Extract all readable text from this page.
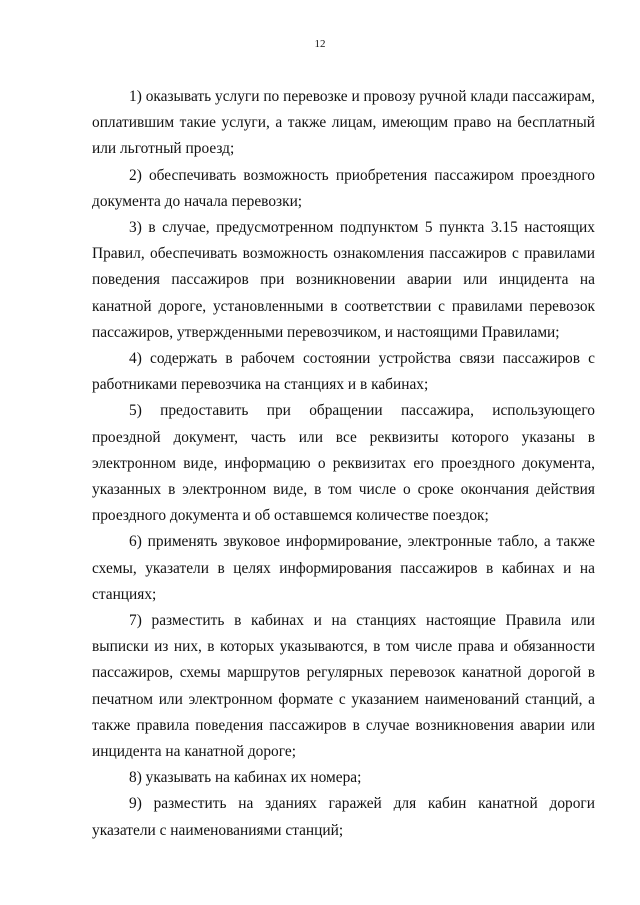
12

1) оказывать услуги по перевозке и провозу ручной клади пассажирам, оплатившим такие услуги, а также лицам, имеющим право на бесплатный или льготный проезд;

2) обеспечивать возможность приобретения пассажиром проездного документа до начала перевозки;

3) в случае, предусмотренном подпунктом 5 пункта 3.15 настоящих Правил, обеспечивать возможность ознакомления пассажиров с правилами поведения пассажиров при возникновении аварии или инцидента на канатной дороге, установленными в соответствии с правилами перевозок пассажиров, утвержденными перевозчиком, и настоящими Правилами;

4) содержать в рабочем состоянии устройства связи пассажиров с работниками перевозчика на станциях и в кабинах;

5) предоставить при обращении пассажира, использующего проездной документ, часть или все реквизиты которого указаны в электронном виде, информацию о реквизитах его проездного документа, указанных в электронном виде, в том числе о сроке окончания действия проездного документа и об оставшемся количестве поездок;

6) применять звуковое информирование, электронные табло, а также схемы, указатели в целях информирования пассажиров в кабинах и на станциях;

7) разместить в кабинах и на станциях настоящие Правила или выписки из них, в которых указываются, в том числе права и обязанности пассажиров, схемы маршрутов регулярных перевозок канатной дорогой в печатном или электронном формате с указанием наименований станций, а также правила поведения пассажиров в случае возникновения аварии или инцидента на канатной дороге;

8) указывать на кабинах их номера;

9) разместить на зданиях гаражей для кабин канатной дороги указатели с наименованиями станций;
